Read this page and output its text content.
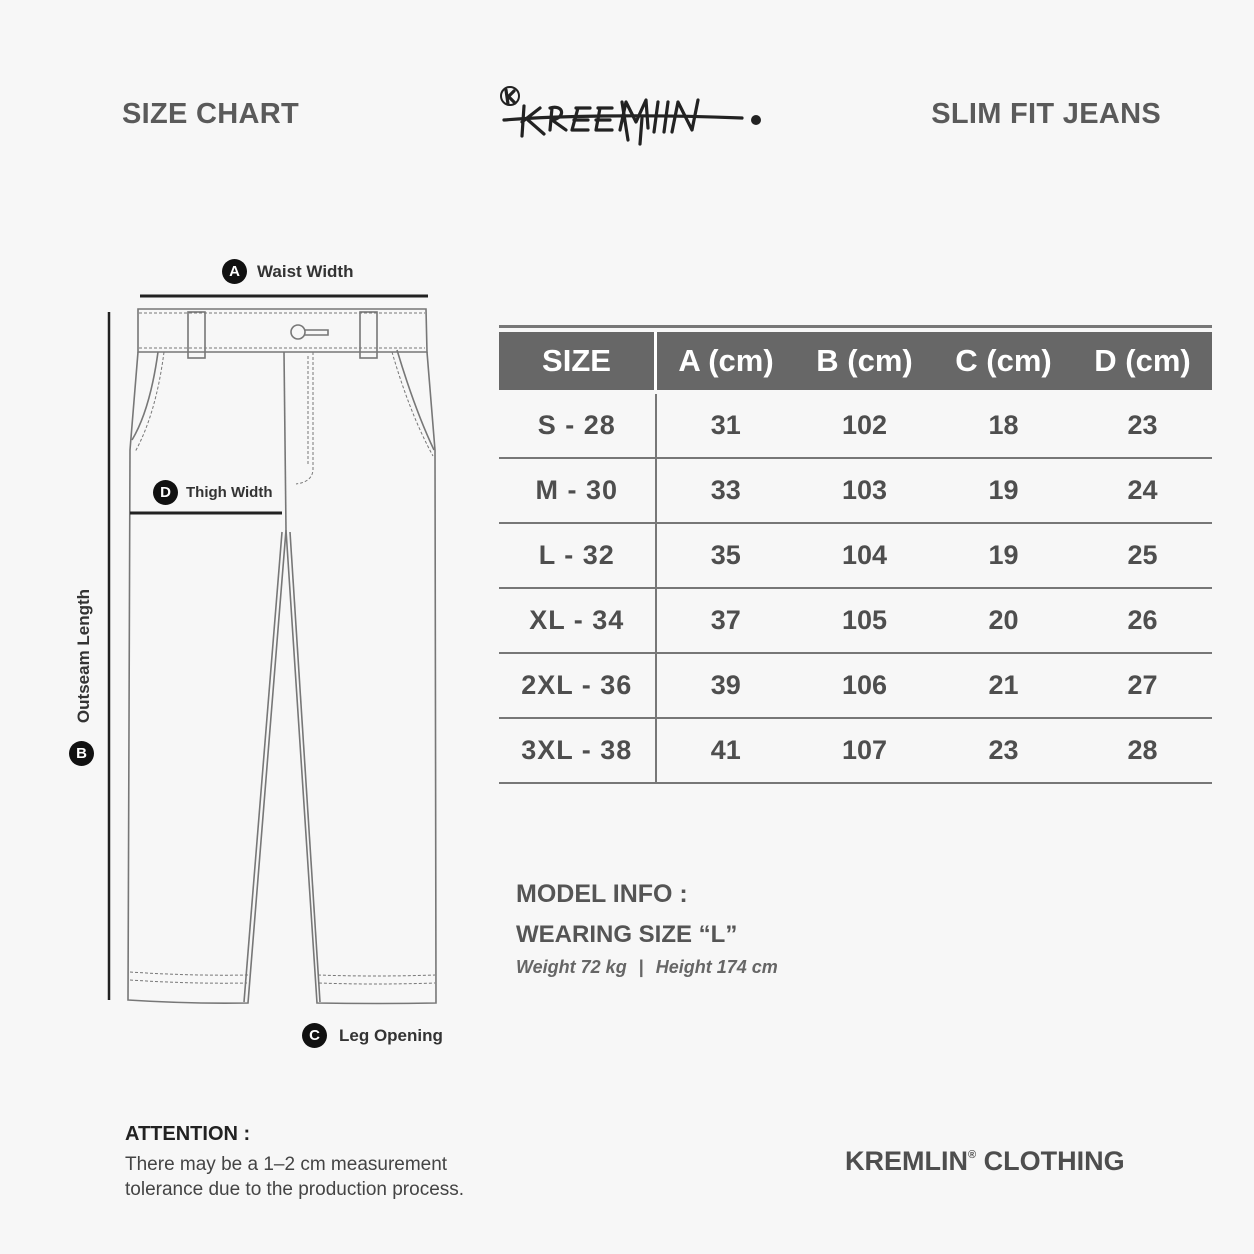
SIZE CHART
KREMLIN
SLIM FIT JEANS
A	Waist Width
D	Thigh Width
C	Leg Opening
B
Outseam Length
SIZE	A (cm)	B (cm)	C (cm)	D (cm)
S - 28	31	102	18	23
M - 30	33	103	19	24
L - 32	35	104	19	25
XL - 34	37	105	20	26
2XL - 36	39	106	21	27
3XL - 38	41	107	23	28
MODEL INFO :
WEARING SIZE “L”
Weight 72 kg | Height 174 cm
ATTENTION :
There may be a 1–2 cm measurement tolerance due to the production process.
KREMLIN® CLOTHING
